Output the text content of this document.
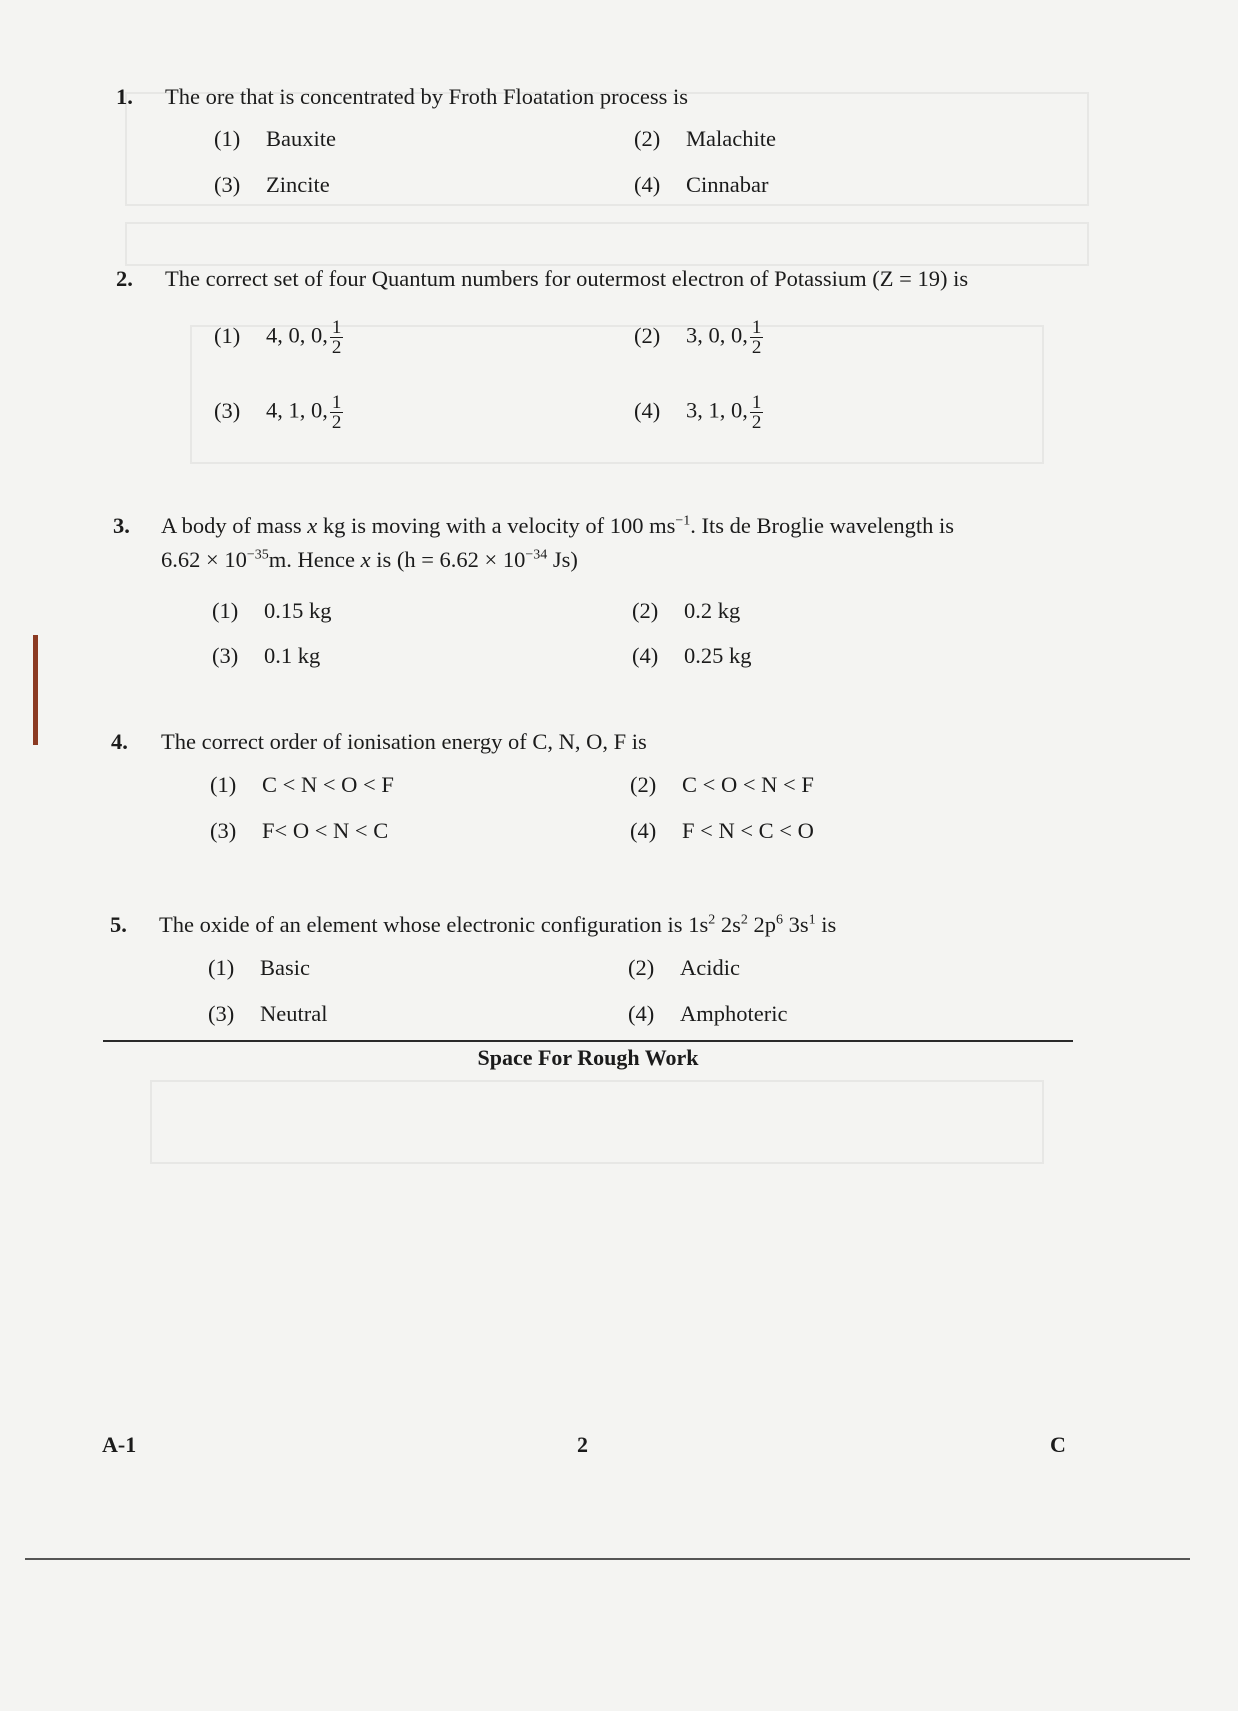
1. The ore that is concentrated by Froth Floatation process is
(1) Bauxite	(2) Malachite
(3) Zincite	(4) Cinnabar
2. The correct set of four Quantum numbers for outermost electron of Potassium (Z = 19) is
(1) 4, 0, 0, $\frac{1}{2}$	(2) 3, 0, 0, $\frac{1}{2}$
(3) 4, 1, 0, $\frac{1}{2}$	(4) 3, 1, 0, $\frac{1}{2}$
3. A body of mass x kg is moving with a velocity of 100 $ms^{-1}$. Its de Broglie wavelength is
$6.62 \times 10^{-35}m$. Hence x is ($h = 6.62 \times 10^{-34}$ Js)
(1) 0.15 kg	(2) 0.2 kg
(3) 0.1 kg	(4) 0.25 kg
4. The correct order of ionisation energy of C, N, O, F is
(1) C < N < O < F	(2) C < O < N < F
(3) F< O < N < C	(4) F < N < C < O
5. The oxide of an element whose electronic configuration is $1s^2$ $2s^2$ $2p^6$ $3s^1$ is
(1) Basic	(2) Acidic
(3) Neutral	(4) Amphoteric
Space For Rough Work
A-1	2	C
